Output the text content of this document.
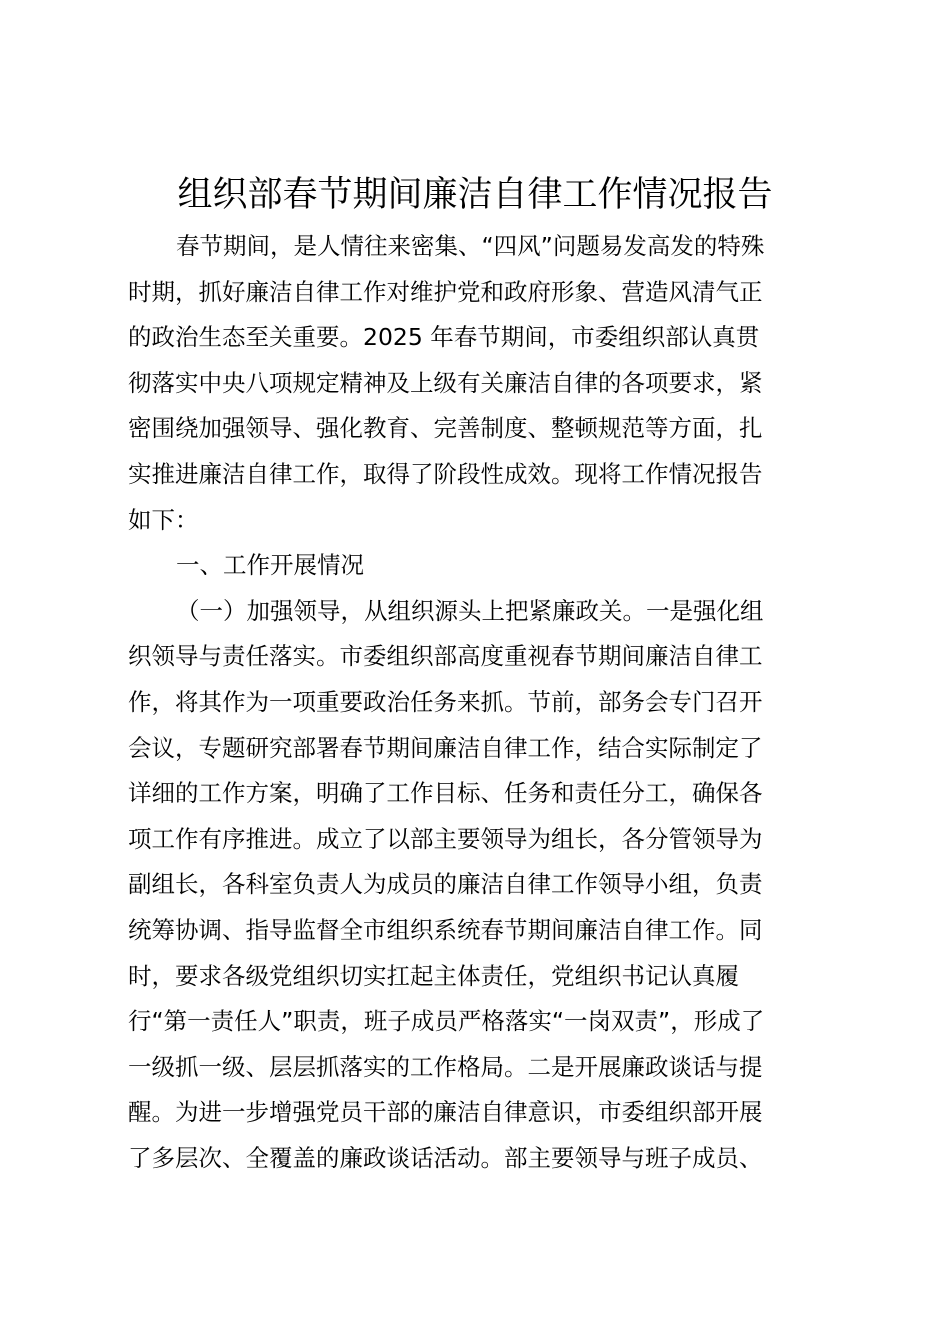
组织部春节期间廉洁自律工作情况报告
春节期间，是人情往来密集、“四风”问题易发高发的特殊
时期，抓好廉洁自律工作对维护党和政府形象、营造风清气正
的政治生态至关重要。2025 年春节期间，市委组织部认真贯
彻落实中央八项规定精神及上级有关廉洁自律的各项要求，紧
密围绕加强领导、强化教育、完善制度、整顿规范等方面，扎
实推进廉洁自律工作，取得了阶段性成效。现将工作情况报告
如下：
一、工作开展情况
（一）加强领导，从组织源头上把紧廉政关。一是强化组
织领导与责任落实。市委组织部高度重视春节期间廉洁自律工
作，将其作为一项重要政治任务来抓。节前，部务会专门召开
会议，专题研究部署春节期间廉洁自律工作，结合实际制定了
详细的工作方案，明确了工作目标、任务和责任分工，确保各
项工作有序推进。成立了以部主要领导为组长，各分管领导为
副组长，各科室负责人为成员的廉洁自律工作领导小组，负责
统筹协调、指导监督全市组织系统春节期间廉洁自律工作。同
时，要求各级党组织切实扛起主体责任，党组织书记认真履
行“第一责任人”职责，班子成员严格落实“一岗双责”，形成了
一级抓一级、层层抓落实的工作格局。二是开展廉政谈话与提
醒。为进一步增强党员干部的廉洁自律意识，市委组织部开展
了多层次、全覆盖的廉政谈话活动。部主要领导与班子成员、
